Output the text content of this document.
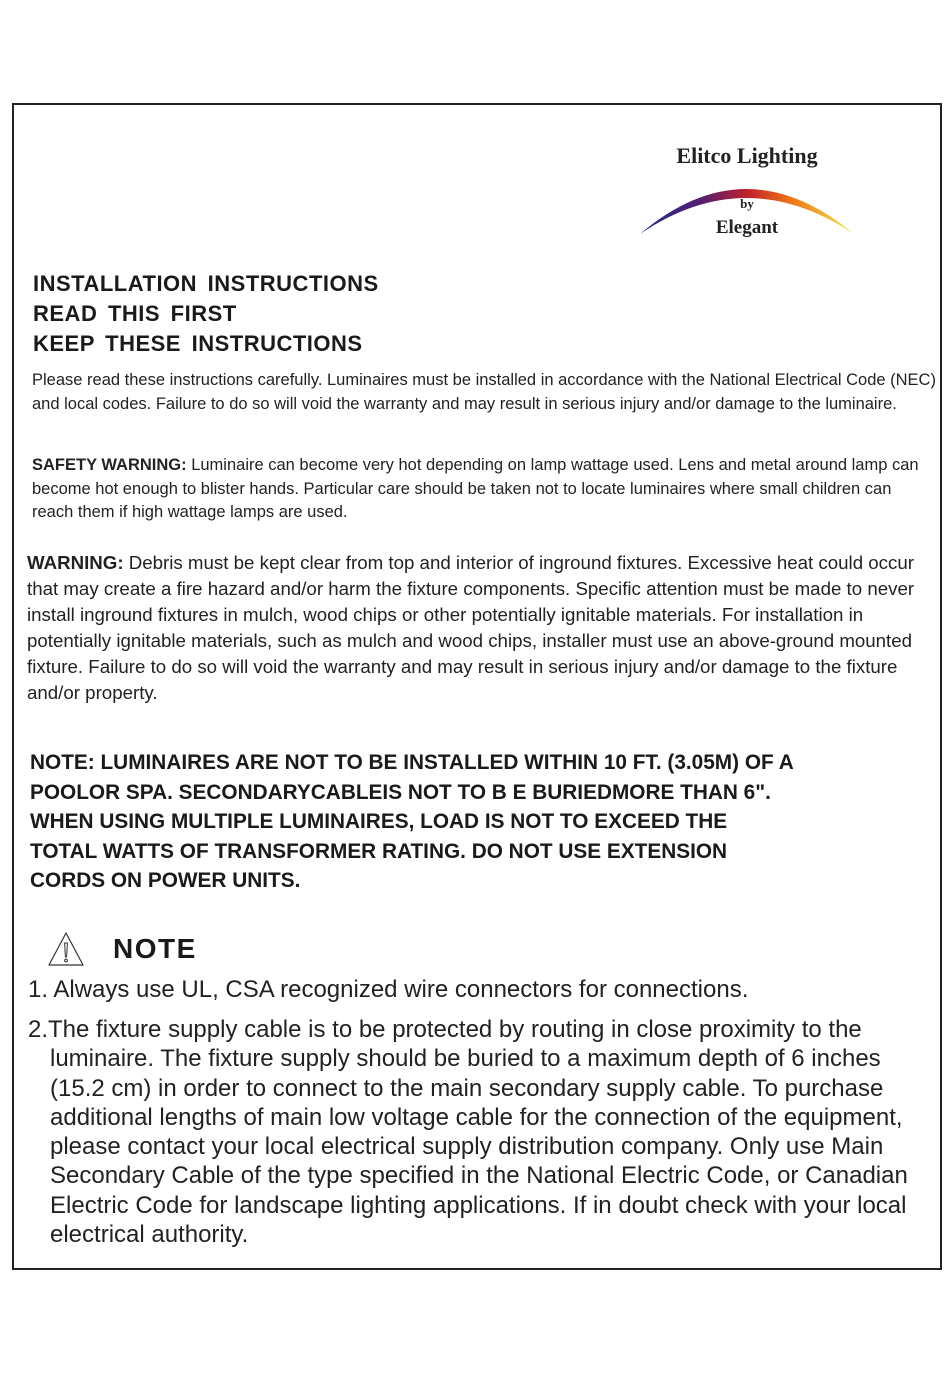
Elitco Lighting
by
Elegant
INSTALLATION INSTRUCTIONS
READ THIS FIRST
KEEP THESE INSTRUCTIONS
Please read these instructions carefully. Luminaires must be installed in accordance with the National Electrical Code (NEC) and local codes. Failure to do so will void the warranty and may result in serious injury and/or damage to the luminaire.
SAFETY WARNING: Luminaire can become very hot depending on lamp wattage used. Lens and metal around lamp can become hot enough to blister hands. Particular care should be taken not to locate luminaires where small children can reach them if high wattage lamps are used.
WARNING: Debris must be kept clear from top and interior of inground fixtures. Excessive heat could occur that may create a fire hazard and/or harm the fixture components. Specific attention must be made to never install inground fixtures in mulch, wood chips or other potentially ignitable materials. For installation in potentially ignitable materials, such as mulch and wood chips, installer must use an above-ground mounted fixture. Failure to do so will void the warranty and may result in serious injury and/or damage to the fixture and/or property.
NOTE: LUMINAIRES ARE NOT TO BE INSTALLED WITHIN 10 FT. (3.05M) OF A
POOLOR SPA. SECONDARYCABLEIS NOT TO B E BURIEDMORE THAN 6".
WHEN USING MULTIPLE LUMINAIRES, LOAD IS NOT TO EXCEED THE
TOTAL WATTS OF TRANSFORMER RATING. DO NOT USE EXTENSION
CORDS ON POWER UNITS.
NOTE
1. Always use UL, CSA recognized wire connectors for connections.
2.The fixture supply cable is to be protected by routing in close proximity to the luminaire. The fixture supply should be buried to a maximum depth of 6 inches (15.2 cm) in order to connect to the main secondary supply cable. To purchase additional lengths of main low voltage cable for the connection of the equipment, please contact your local electrical supply distribution company. Only use Main Secondary Cable of the type specified in the National Electric Code, or Canadian Electric Code for landscape lighting applications. If in doubt check with your local electrical authority.
